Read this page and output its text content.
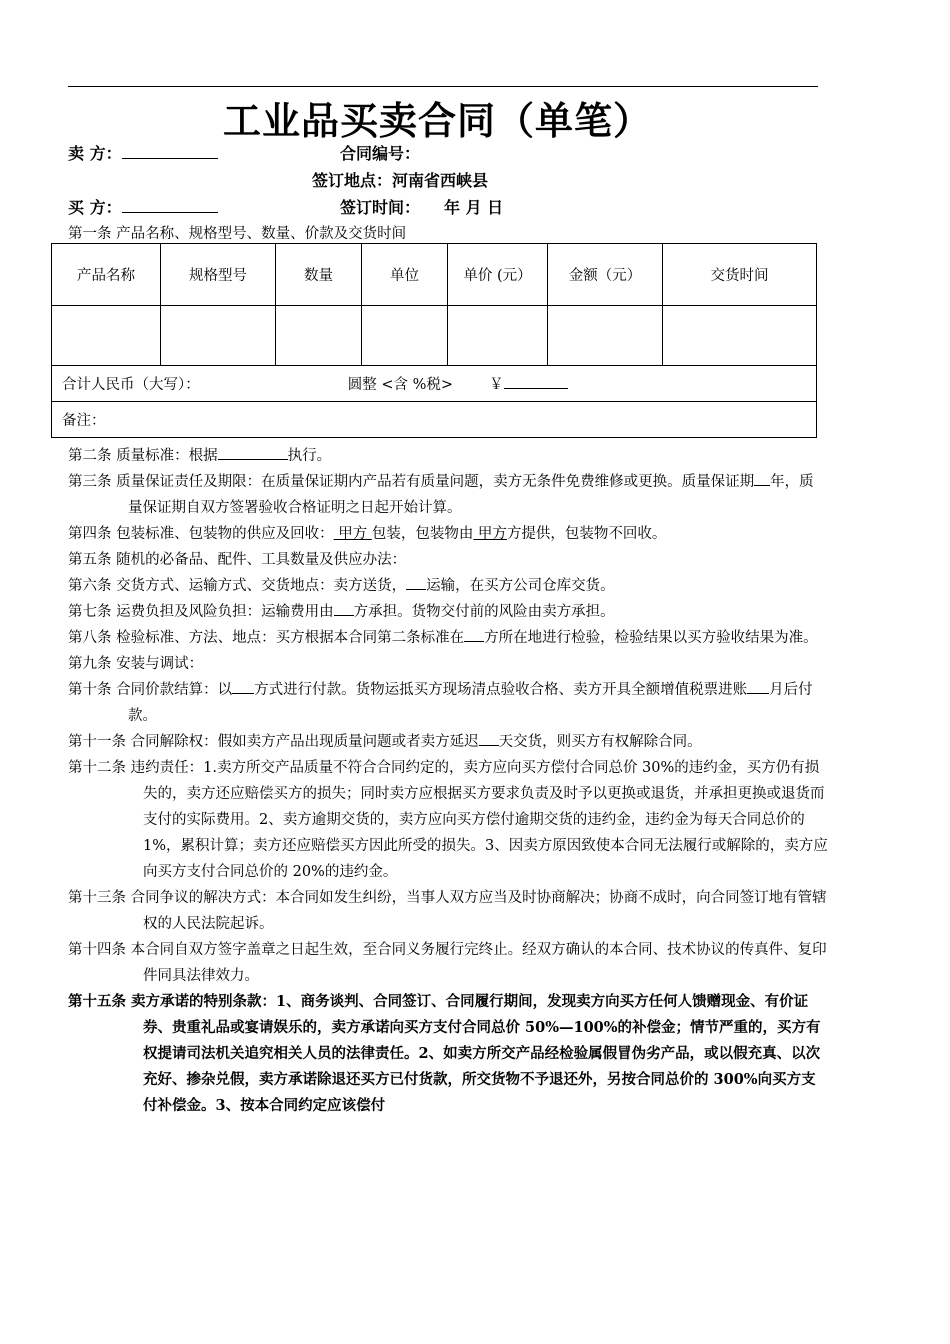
工业品买卖合同（单笔）
卖 方：	合同编号：
签订地点：河南省西峡县
买 方：	签订时间： 年 月 日
第一条 产品名称、规格型号、数量、价款及交货时间
产品名称	规格型号	数量	单位	单价 (元）	金额（元）	交货时间

合计人民币（大写）： 圆整 <含 %税> ￥						
备注：						
第二条 质量标准：根据	执行。
第三条 质量保证责任及期限：在质量保证期内产品若有质量问题，卖方无条件免费维修或更换。质量保证期 年，质量保证期自双方签署验收合格证明之日起开始计算。
第四条 包装标准、包装物的供应及回收： 甲方 包装，包装物由 甲方方提供，包装物不回收。
第五条 随机的必备品、配件、工具数量及供应办法：
第六条 交货方式、运输方式、交货地点：卖方送货， 运输，在买方公司仓库交货。
第七条 运费负担及风险负担：运输费用由 方承担。货物交付前的风险由卖方承担。
第八条 检验标准、方法、地点：买方根据本合同第二条标准在 方所在地进行检验，检验结果以买方验收结果为准。
第九条 安装与调试：
第十条 合同价款结算：以 方式进行付款。货物运抵买方现场清点验收合格、卖方开具全额增值税票进账 月后付款。
第十一条 合同解除权：假如卖方产品出现质量问题或者卖方延迟 天交货，则买方有权解除合同。
第十二条 违约责任：1.卖方所交产品质量不符合合同约定的，卖方应向买方偿付合同总价 30%的违约金，买方仍有损失的，卖方还应赔偿买方的损失；同时卖方应根据买方要求负责及时予以更换或退货，并承担更换或退货而支付的实际费用。2、卖方逾期交货的，卖方应向买方偿付逾期交货的违约金，违约金为每天合同总价的 1%，累积计算；卖方还应赔偿买方因此所受的损失。3、因卖方原因致使本合同无法履行或解除的，卖方应向买方支付合同总价的 20%的违约金。
第十三条 合同争议的解决方式：本合同如发生纠纷，当事人双方应当及时协商解决；协商不成时，向合同签订地有管辖权的人民法院起诉。
第十四条 本合同自双方签字盖章之日起生效，至合同义务履行完终止。经双方确认的本合同、技术协议的传真件、复印件同具法律效力。
第十五条 卖方承诺的特别条款：1、商务谈判、合同签订、合同履行期间，发现卖方向买方任何人馈赠现金、有价证券、贵重礼品或宴请娱乐的，卖方承诺向买方支付合同总价 50%—100%的补偿金；情节严重的，买方有权提请司法机关追究相关人员的法律责任。2、如卖方所交产品经检验属假冒伪劣产品，或以假充真、以次充好、掺杂兑假，卖方承诺除退还买方已付货款，所交货物不予退还外，另按合同总价的 300%向买方支付补偿金。3、按本合同约定应该偿付
